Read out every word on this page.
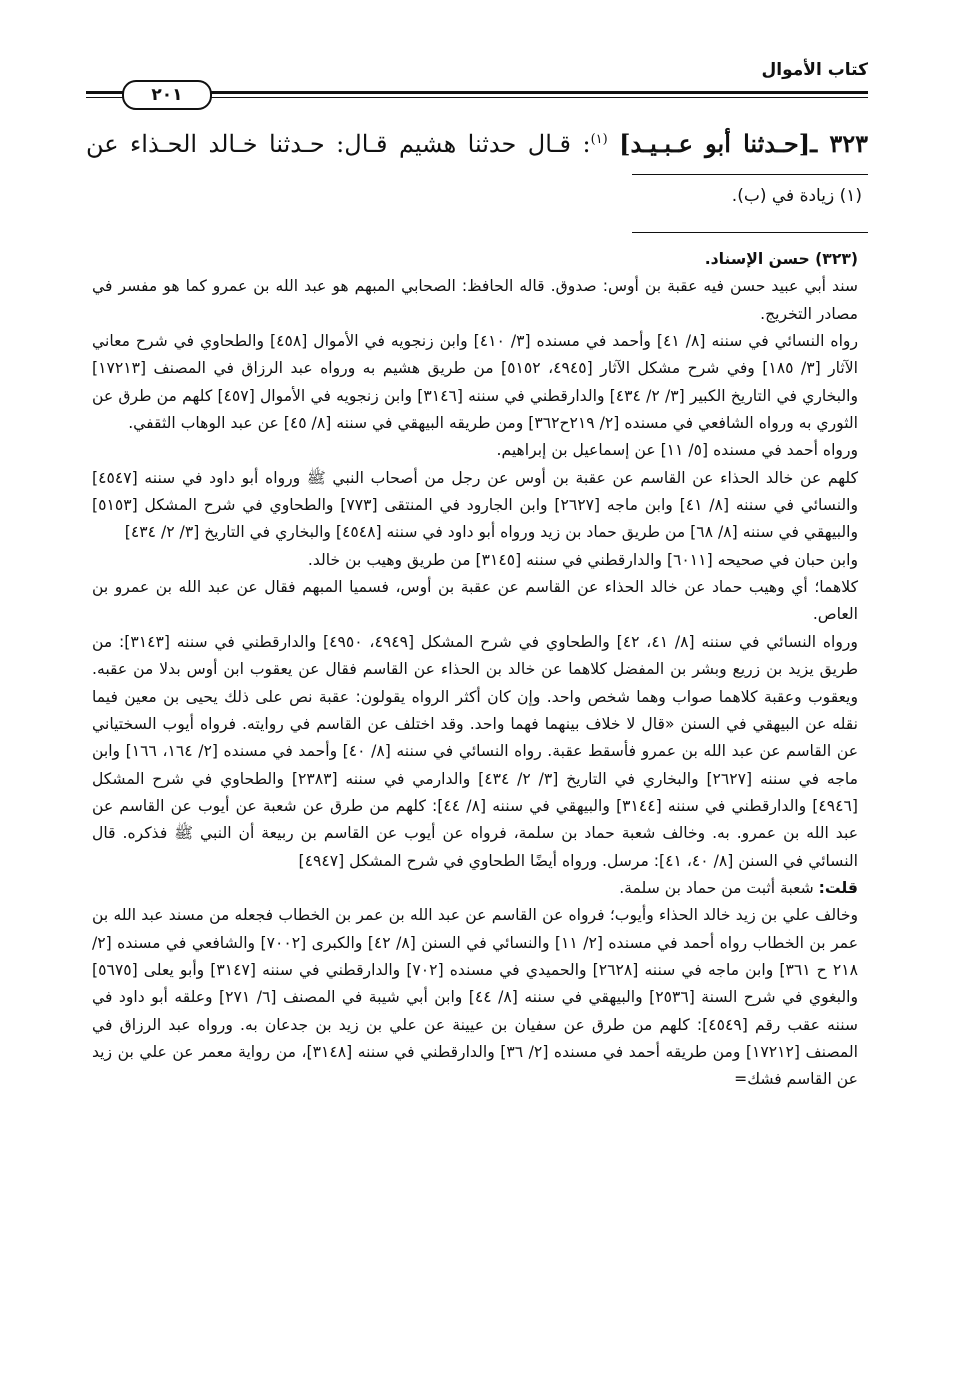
كتاب الأموال
٢٠١
٣٢٣ ـ[حـدثنا أبو عـبـيـد] $^{(١)}$: قـال حدثنا هشيم قـال: حـدثنا خـالد الحـذاء عن
(١) زيادة في (ب).

(٣٢٣) حسن الإسناد.

سند أبي عبيد حسن فيه عقبة بن أوس: صدوق. قاله الحافظ: الصحابي المبهم هو عبد الله بن عمرو كما هو مفسر في مصادر التخريج.

رواه النسائي في سننه [٨/ ٤١] وأحمد في مسنده [٣/ ٤١٠] وابن زنجويه في الأموال [٤٥٨] والطحاوي في شرح معاني الآثار [٣/ ١٨٥] وفي شرح مشكل الآثار [٤٩٤٥، ٥١٥٢] من طريق هشيم به ورواه عبد الرزاق في المصنف [١٧٢١٣] والبخاري في التاريخ الكبير [٣/ ٢/ ٤٣٤] والدارقطني في سننه [٣١٤٦] وابن زنجويه في الأموال [٤٥٧] كلهم من طرق عن الثوري به ورواه الشافعي في مسنده [٢/ ٢١٩ح٣٦٢] ومن طريقه البيهقي في سننه [٨/ ٤٥] عن عبد الوهاب الثقفي.

ورواه أحمد في مسنده [٥/ ١١] عن إسماعيل بن إبراهيم.

كلهم عن خالد الحذاء عن القاسم عن عقبة بن أوس عن رجل من أصحاب النبي ﷺ ورواه أبو داود في سننه [٤٥٤٧] والنسائي في سننه [٨/ ٤١] وابن ماجه [٢٦٢٧] وابن الجارود في المنتقى [٧٧٣] والطحاوي في شرح المشكل [٥١٥٣] والبيهقي في سننه [٨/ ٦٨] من طريق حماد بن زيد ورواه أبو داود في سننه [٤٥٤٨] والبخاري في التاريخ [٣/ ٢/ ٤٣٤]

وابن حبان في صحيحه [٦٠١١] والدارقطني في سننه [٣١٤٥] من طريق وهيب بن خالد.

كلاهما؛ أي وهيب حماد عن خالد الحذاء عن القاسم عن عقبة بن أوس، فسميا المبهم فقال عن عبد الله بن عمرو بن العاص.

ورواه النسائي في سننه [٨/ ٤١، ٤٢] والطحاوي في شرح المشكل [٤٩٤٩، ٤٩٥٠] والدارقطني في سننه [٣١٤٣]: من طريق يزيد بن زريع وبشر بن المفضل كلاهما عن خالد بن الحذاء عن القاسم فقال عن يعقوب ابن أوس بدلا من عقبه. ويعقوب وعقبة كلاهما صواب وهما شخص واحد. وإن كان أكثر الرواه يقولون: عقبة نص على ذلك يحيى بن معين فيما نقله عن البيهقي في السنن «قال لا خلاف بينهما فهما واحد. وقد اختلف عن القاسم في روايته. فرواه أيوب السختياني عن القاسم عن عبد الله بن عمرو فأسقط عقبة. رواه النسائي في سننه [٨/ ٤٠] وأحمد في مسنده [٢/ ١٦٤، ١٦٦] وابن ماجه في سننه [٢٦٢٧] والبخاري في التاريخ [٣/ ٢/ ٤٣٤] والدارمي في سننه [٢٣٨٣] والطحاوي في شرح المشكل [٤٩٤٦] والدارقطني في سننه [٣١٤٤] والبيهقي في سننه [٨/ ٤٤]: كلهم من طرق عن شعبة عن أيوب عن القاسم عن عبد الله بن عمرو. به. وخالف شعبة حماد بن سلمة، فرواه عن أيوب عن القاسم بن ربيعة أن النبي ﷺ فذكره. قال النسائي في السنن [٨/ ٤٠، ٤١]: مرسل. ورواه أيضًا الطحاوي في شرح المشكل [٤٩٤٧]

قلت: شعبة أثبت من حماد بن سلمة.

وخالف علي بن زيد خالد الحذاء وأيوب؛ فرواه عن القاسم عن عبد الله بن عمر بن الخطاب فجعله من مسند عبد الله بن عمر بن الخطاب رواه أحمد في مسنده [٢/ ١١] والنسائي في السنن [٨/ ٤٢] والكبرى [٧٠٠٢] والشافعي في مسنده [٢/ ٢١٨ ح ٣٦١] وابن ماجه في سننه [٢٦٢٨] والحميدي في مسنده [٧٠٢] والدارقطني في سننه [٣١٤٧] وأبو يعلى [٥٦٧٥] والبغوي في شرح السنة [٢٥٣٦] والبيهقي في سننه [٨/ ٤٤] وابن أبي شيبة في المصنف [٦/ ٢٧١] وعلقه أبو داود في سننه عقب رقم [٤٥٤٩]: كلهم من طرق عن سفيان بن عيينة عن علي بن زيد بن جدعان به. ورواه عبد الرزاق في المصنف [١٧٢١٢] ومن طريقه أحمد في مسنده [٢/ ٣٦] والدارقطني في سننه [٣١٤٨]، من رواية معمر عن علي بن زيد عن القاسم فشك=
